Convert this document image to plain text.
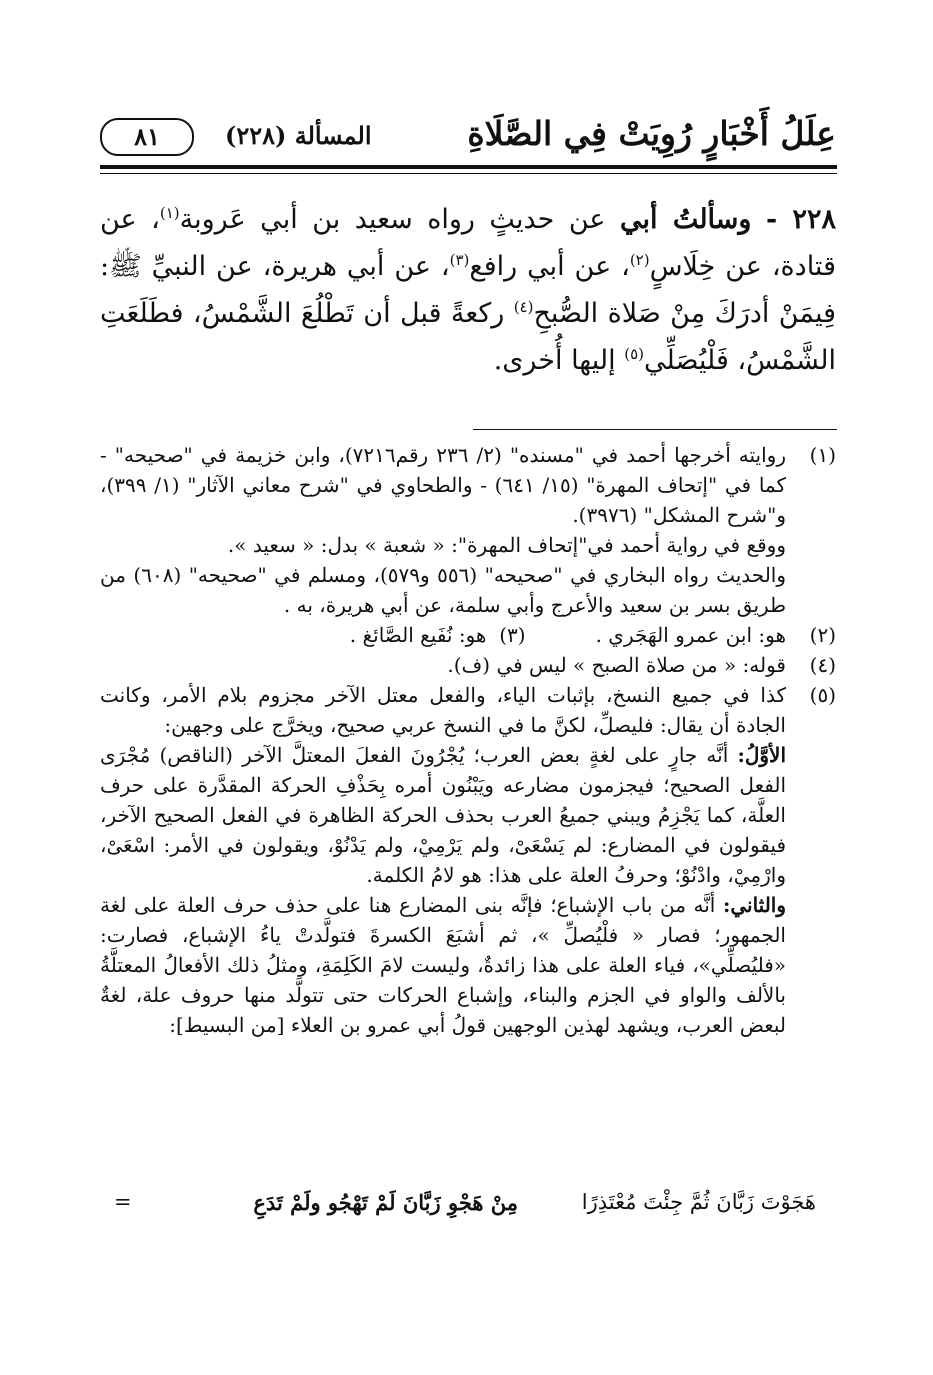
عِلَلُ أَخْبَارٍ رُوِيَتْ فِي الصَّلَاةِ
المسألة (٢٢٨)
٨١
٢٢٨ - وسألتُ أبي عن حديثٍ رواه سعيد بن أبي عَروبة$^{(١)}$، عن قتادة، عن خِلَاسٍ$^{(٢)}$، عن أبي رافع$^{(٣)}$، عن أبي هريرة، عن النبيِّ ﷺ: فِيمَنْ أدرَكَ مِنْ صَلاة الصُّبحِ$^{(٤)}$ ركعةً قبل أن تَطْلُعَ الشَّمْسُ، فطَلَعَتِ الشَّمْسُ، فَلْيُصَلِّي$^{(٥)}$ إليها أُخرى.
(١)

روايته أخرجها أحمد في "مسنده" (٢/ ٢٣٦ رقم٧٢١٦)، وابن خزيمة في "صحيحه" - كما في "إتحاف المهرة" (١٥/ ٦٤١) - والطحاوي في "شرح معاني الآثار" (١/ ٣٩٩)، و"شرح المشكل" (٣٩٧٦).

ووقع في رواية أحمد في"إتحاف المهرة": « شعبة » بدل: « سعيد ».

والحديث رواه البخاري في "صحيحه" (٥٥٦ و٥٧٩)، ومسلم في "صحيحه" (٦٠٨) من طريق بسر بن سعيد والأعرج وأبي سلمة، عن أبي هريرة، به .

(٢)
هو: ابن عمرو الهَجَري .
(٣)

هو: نُفَيع الصَّائغ .
(٤)

قوله: « من صلاة الصبح » ليس في (ف).

(٥)

كذا في جميع النسخ، بإثبات الياء، والفعل معتل الآخر مجزوم بلام الأمر، وكانت الجادة أن يقال: فليصلِّ، لكنَّ ما في النسخ عربي صحيح، ويخرَّج على وجهين:

الأوَّلُ: أنَّه جارٍ على لغةٍ بعض العرب؛ يُجْرُونَ الفعلَ المعتلَّ الآخر (الناقص) مُجْرَى الفعل الصحيح؛ فيجزمون مضارعه ويَبْنُون أمره بِحَذْفِ الحركة المقدَّرة على حرف العلَّة، كما يَجْزِمُ ويبني جميعُ العرب بحذف الحركة الظاهرة في الفعل الصحيح الآخر، فيقولون في المضارع: لم يَسْعَىْ، ولم يَرْمِيْ، ولم يَدْنُوْ، ويقولون في الأمر: اسْعَىْ، وارْمِيْ، وادْنُوْ؛ وحرفُ العلة على هذا: هو لامُ الكلمة.

والثاني: أنَّه من باب الإشباع؛ فإنَّه بنى المضارع هنا على حذف حرف العلة على لغة الجمهور؛ فصار « فلْيُصلِّ »، ثم أشبَعَ الكسرةَ فتولَّدتْ ياءُ الإشباع، فصارت: «فليُصلِّي»، فياء العلة على هذا زائدةٌ، وليست لامَ الكَلِمَةِ، ومثلُ ذلك الأفعالُ المعتلَّةُ بالألف والواو في الجزم والبناء، وإشباع الحركات حتى تتولَّد منها حروف علة، لغةٌ لبعض العرب، ويشهد لهذين الوجهين قولُ أبي عمرو بن العلاء [من البسيط]:

هَجَوْتَ زَبَّانَ ثُمَّ جِئْتَ مُعْتَذِرًا
مِنْ هَجْوِ زَبَّانَ لَمْ تَهْجُو ولَمْ تَدَعِ
=
